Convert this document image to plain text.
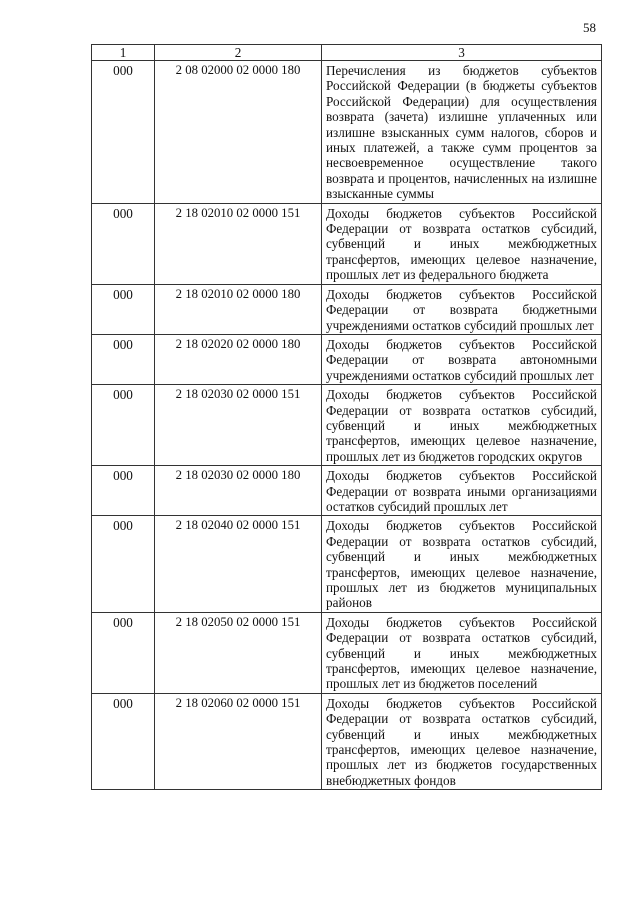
58
1	2	3
000	2 08 02000 02 0000 180	Перечисления из бюджетов субъектов Российской Федерации (в бюджеты субъектов Российской Федерации) для осуществления возврата (зачета) излишне уплаченных или излишне взысканных сумм налогов, сборов и иных платежей, а также сумм процентов за несвоевременное осуществление такого возврата и процентов, начисленных на излишне взысканные суммы
000	2 18 02010 02 0000 151	Доходы бюджетов субъектов Российской Федерации от возврата остатков субсидий, субвенций и иных межбюджетных трансфертов, имеющих целевое назначение, прошлых лет из федерального бюджета
000	2 18 02010 02 0000 180	Доходы бюджетов субъектов Российской Федерации от возврата бюджетными учреждениями остатков субсидий прошлых лет
000	2 18 02020 02 0000 180	Доходы бюджетов субъектов Российской Федерации от возврата автономными учреждениями остатков субсидий прошлых лет
000	2 18 02030 02 0000 151	Доходы бюджетов субъектов Российской Федерации от возврата остатков субсидий, субвенций и иных межбюджетных трансфертов, имеющих целевое назначение, прошлых лет из бюджетов городских округов
000	2 18 02030 02 0000 180	Доходы бюджетов субъектов Российской Федерации от возврата иными организациями остатков субсидий прошлых лет
000	2 18 02040 02 0000 151	Доходы бюджетов субъектов Российской Федерации от возврата остатков субсидий, субвенций и иных межбюджетных трансфертов, имеющих целевое назначение, прошлых лет из бюджетов муниципальных районов
000	2 18 02050 02 0000 151	Доходы бюджетов субъектов Российской Федерации от возврата остатков субсидий, субвенций и иных межбюджетных трансфертов, имеющих целевое назначение, прошлых лет из бюджетов поселений
000	2 18 02060 02 0000 151	Доходы бюджетов субъектов Российской Федерации от возврата остатков субсидий, субвенций и иных межбюджетных трансфертов, имеющих целевое назначение, прошлых лет из бюджетов государственных внебюджетных фондов
